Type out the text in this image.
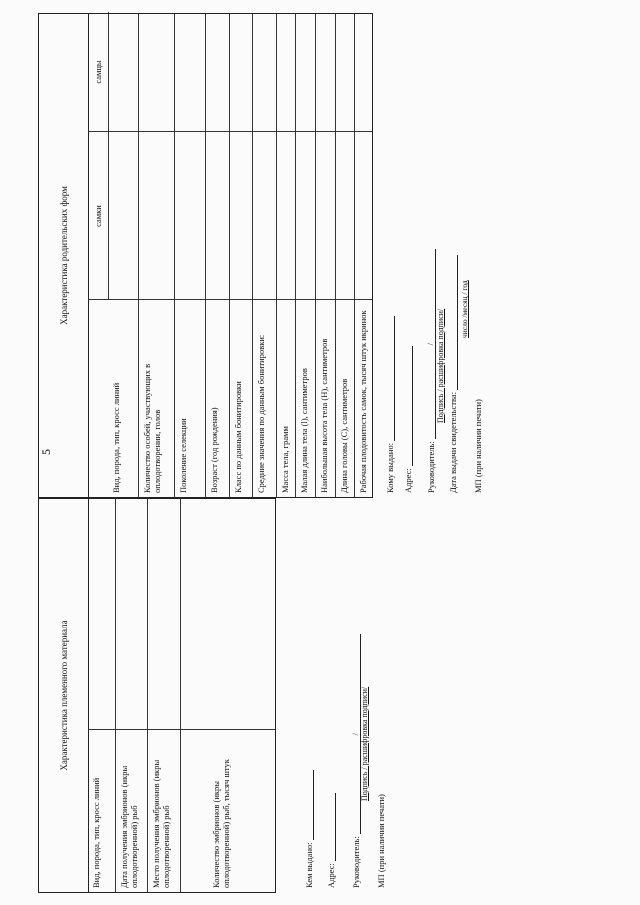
5
Характеристика племенного материала
Вид, порода, тип, кросс линий Дата получения эмбрионов (икры оплодотворенной) рыб Место получения эмбрионов (икры оплодотворенной) рыб	Количество эмбрионов (икры оплодотворенной) рыб, тысяч штук
Характеристика родительских форм	самки
самцы
Вид, порода, тип, кросс линий Количество особей, участвующих в оплодотворении, голов Поколение селекции Возраст (год рождения) Класс по данным бонитировки Средние значения по данным бонитировки: Масса тела, грамм Малая длина тела (l), сантиметров Наибольшая высота тела (H), сантиметров Длина головы (C), сантиметров Рабочая плодовитость самок, тысяч штук икринок
Кем выдано: Адрес: Руководитель: / Подпись / расшифровка подписи/
МП (при наличии печати)
Кому выдано: Адрес: Руководитель: / Подпись / расшифровка подписи/
Дата выдачи свидетельства:
число /месяц / год
МП (при наличии печати)
